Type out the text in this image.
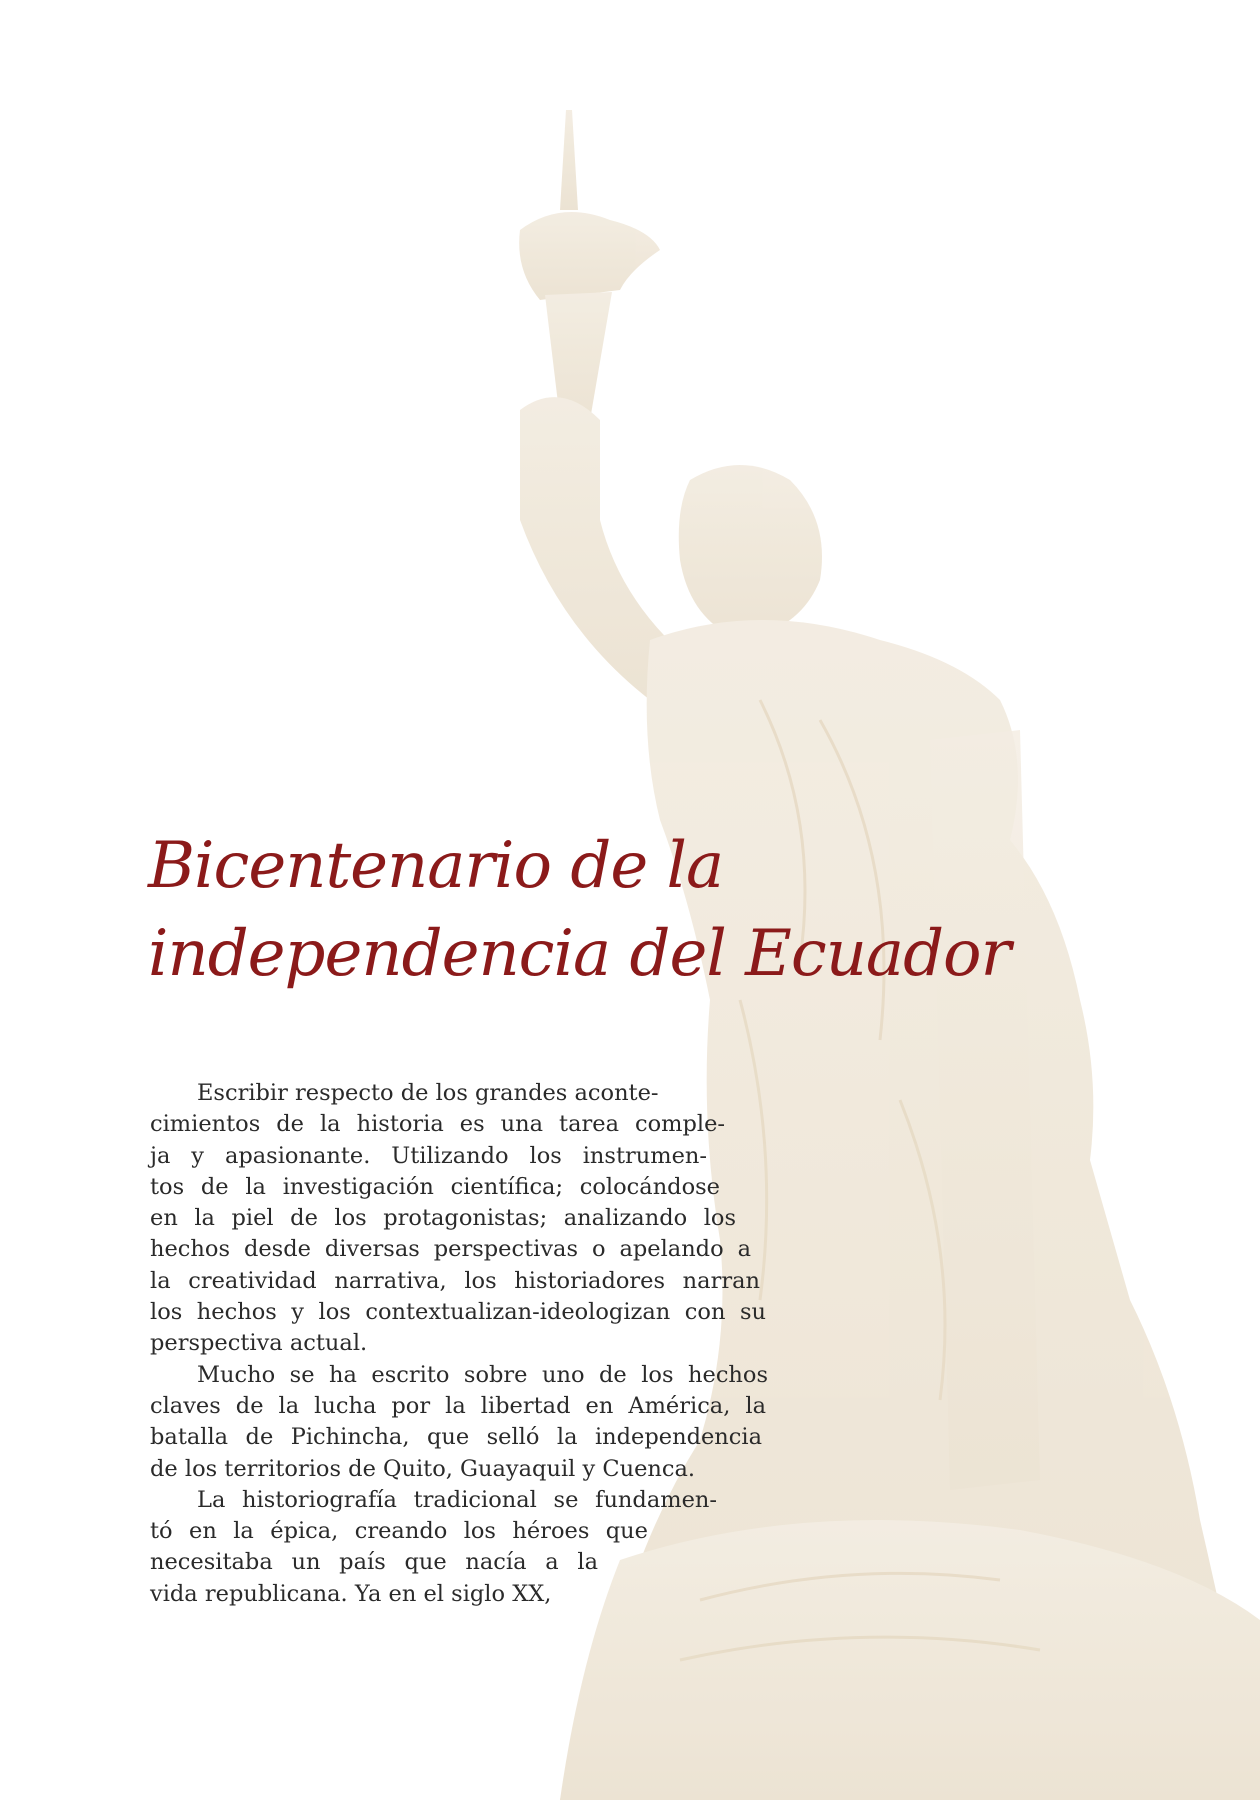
Bicentenario de la
independencia del Ecuador
Escribir respecto de los grandes aconte-
cimientos de la historia es una tarea comple-
ja y apasionante. Utilizando los instrumen-
tos de la investigación científica; colocándose
en la piel de los protagonistas; analizando los
hechos desde diversas perspectivas o apelando a
la creatividad narrativa, los historiadores narran
los hechos y los contextualizan-ideologizan con su
perspectiva actual.
Mucho se ha escrito sobre uno de los hechos
claves de la lucha por la libertad en América, la
batalla de Pichincha, que selló la independencia
de los territorios de Quito, Guayaquil y Cuenca.
La historiografía tradicional se fundamen-
tó en la épica, creando los héroes que
necesitaba un país que nacía a la
vida republicana. Ya en el siglo XX,
